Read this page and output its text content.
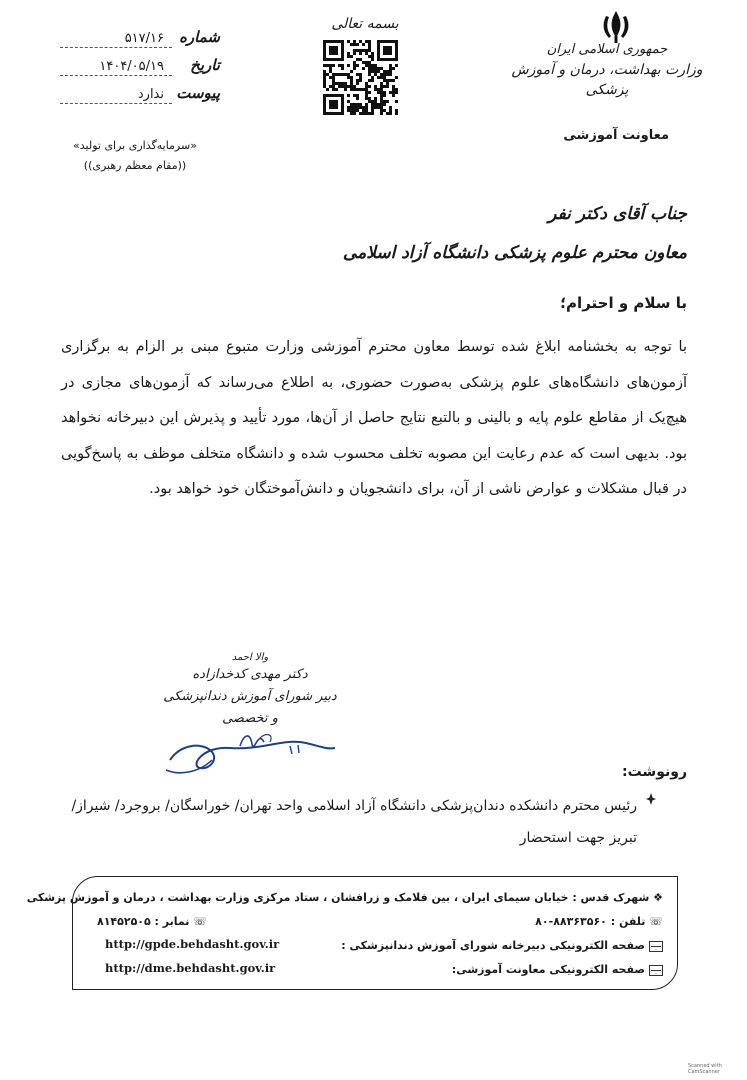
جمهوری اسلامی ایران
وزارت بهداشت، درمان و آموزش پزشکی
معاونت آموزشی
بسمه تعالی
شماره
۵۱۷/۱۶
تاریخ
۱۴۰۴/۰۵/۱۹
پیوست
ندارد
«سرمایه‌گذاری برای تولید»
((مقام معظم رهبری))
جناب آقای دکتر نفر
معاون محترم علوم پزشکی دانشگاه آزاد اسلامی
با سلام و احترام؛

با توجه به بخشنامه ابلاغ شده توسط معاون محترم آموزشی وزارت متبوع مبنی بر الزام به برگزاری آزمون‌های دانشگاه‌های علوم پزشکی به‌صورت حضوری، به اطلاع می‌رساند که آزمون‌های مجازی در هیچ‌یک از مقاطع علوم پایه و بالینی و بالتبع نتایج حاصل از آن‌ها، مورد تأیید و پذیرش این دبیرخانه نخواهد بود. بدیهی است که عدم رعایت این مصوبه تخلف محسوب شده و دانشگاه متخلف موظف به پاسخ‌گویی در قبال مشکلات و عوارض ناشی از آن، برای دانشجویان و دانش‌آموختگان خود خواهد بود.

والا احمد
دکتر مهدی کدخدازاده
دبیر شورای آموزش دندانپزشکی و تخصصی
رونوشت:
رئیس محترم دانشکده دندان‌پزشکی دانشگاه آزاد اسلامی واحد تهران/ خوراسگان/ بروجرد/ شیراز/ تبریز جهت استحضار
❖ شهرک قدس : خیابان سیمای ایران ، بین فلامک و زرافشان ، ستاد مرکزی وزارت بهداشت ، درمان و آموزش پزشکی
☏ تلفن : ۸۸۳۶۳۵۶۰-۸۰
☏ نمابر : ۸۱۴۵۲۵۰۵
صفحه الکترونیکی دبیرخانه شورای آموزش دندانپزشکی :
صفحه الکترونیکی معاونت آموزشی:
http://gpde.behdasht.gov.ir
http://dme.behdasht.gov.ir
Scanned with CamScanner
